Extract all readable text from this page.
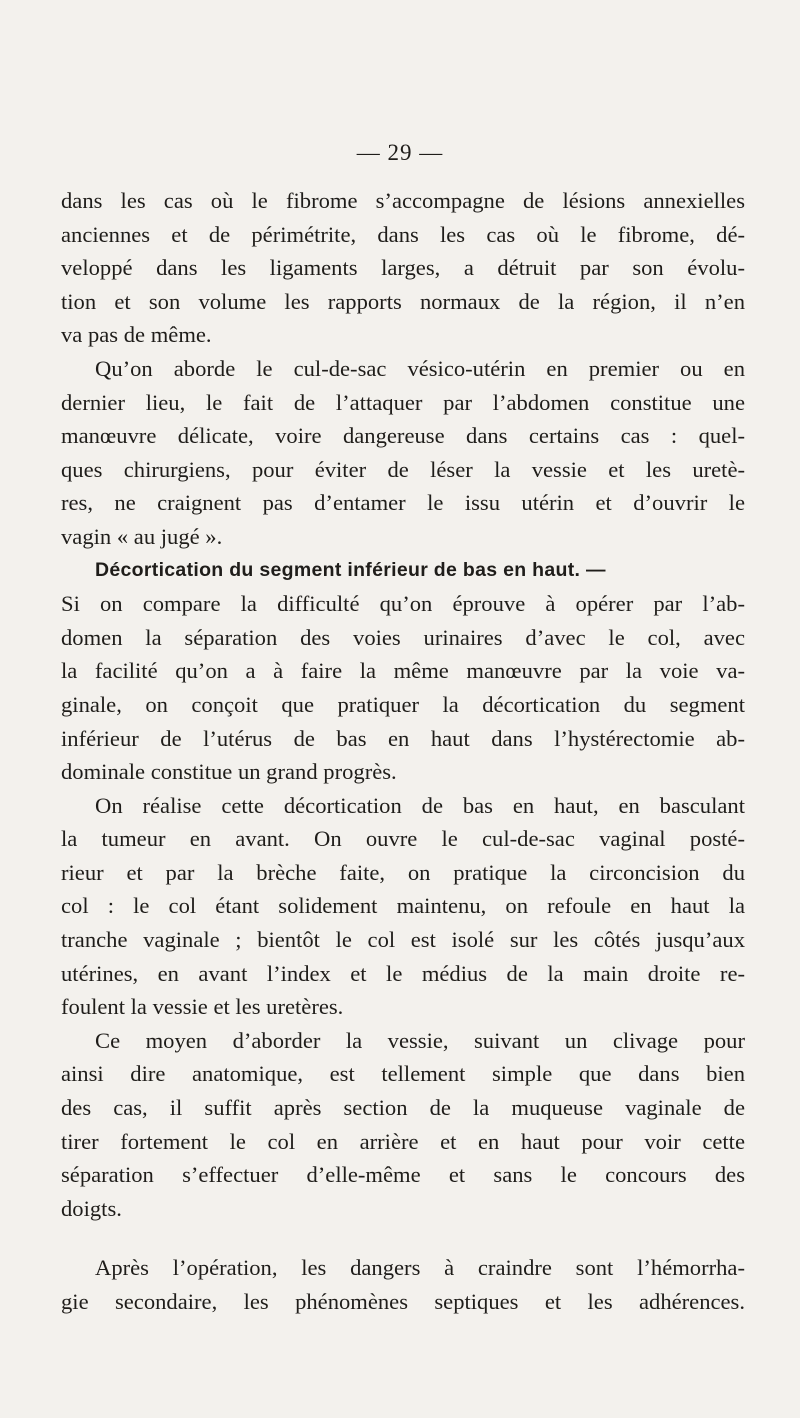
— 29 —
dans les cas où le fibrome s’accompagne de lésions annexielles
anciennes et de périmétrite, dans les cas où le fibrome, dé-
veloppé dans les ligaments larges, a détruit par son évolu-
tion et son volume les rapports normaux de la région, il n’en
va pas de même.
Qu’on aborde le cul-de-sac vésico-utérin en premier ou en
dernier lieu, le fait de l’attaquer par l’abdomen constitue une
manœuvre délicate, voire dangereuse dans certains cas : quel-
ques chirurgiens, pour éviter de léser la vessie et les uretè-
res, ne craignent pas d’entamer le issu utérin et d’ouvrir le
vagin « au jugé ».
Décortication du segment inférieur de bas en haut. —
Si on compare la difficulté qu’on éprouve à opérer par l’ab-
domen la séparation des voies urinaires d’avec le col, avec
la facilité qu’on a à faire la même manœuvre par la voie va-
ginale, on conçoit que pratiquer la décortication du segment
inférieur de l’utérus de bas en haut dans l’hystérectomie ab-
dominale constitue un grand progrès.
On réalise cette décortication de bas en haut, en basculant
la tumeur en avant. On ouvre le cul-de-sac vaginal posté-
rieur et par la brèche faite, on pratique la circoncision du
col : le col étant solidement maintenu, on refoule en haut la
tranche vaginale ; bientôt le col est isolé sur les côtés jusqu’aux
utérines, en avant l’index et le médius de la main droite re-
foulent la vessie et les uretères.
Ce moyen d’aborder la vessie, suivant un clivage pour
ainsi dire anatomique, est tellement simple que dans bien
des cas, il suffit après section de la muqueuse vaginale de
tirer fortement le col en arrière et en haut pour voir cette
séparation s’effectuer d’elle-même et sans le concours des
doigts.
Après l’opération, les dangers à craindre sont l’hémorrha-
gie secondaire, les phénomènes septiques et les adhérences.
